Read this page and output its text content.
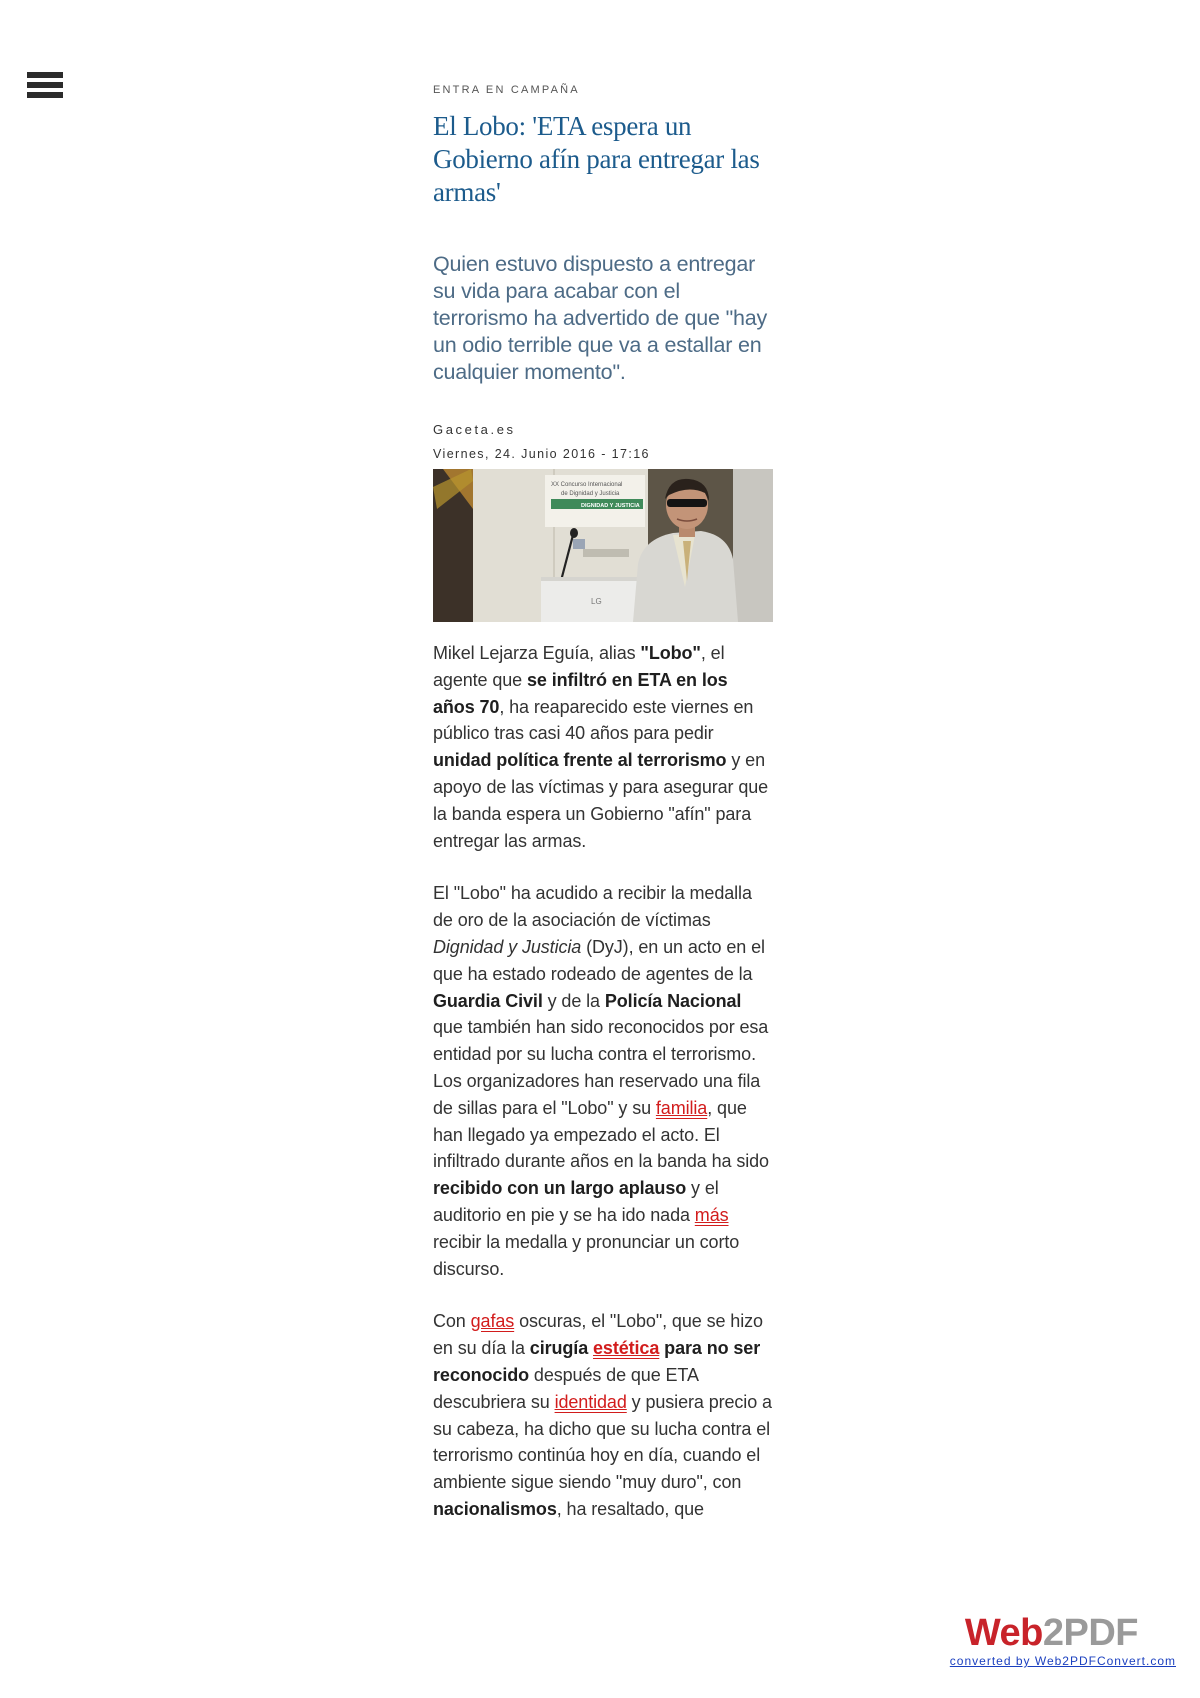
ENTRA EN CAMPAÑA
El Lobo: 'ETA espera un Gobierno afín para entregar las armas'
Quien estuvo dispuesto a entregar su vida para acabar con el terrorismo ha advertido de que "hay un odio terrible que va a estallar en cualquier momento".
Gaceta.es
Viernes, 24. Junio 2016 - 17:16
XX Concurso Internacional
de Dignidad y Justicia
DIGNIDAD Y JUSTICIA
LG

Mikel Lejarza Eguía, alias "Lobo", el agente que se infiltró en ETA en los años 70, ha reaparecido este viernes en público tras casi 40 años para pedir unidad política frente al terrorismo y en apoyo de las víctimas y para asegurar que la banda espera un Gobierno "afín" para entregar las armas.

El "Lobo" ha acudido a recibir la medalla de oro de la asociación de víctimas Dignidad y Justicia (DyJ), en un acto en el que ha estado rodeado de agentes de la Guardia Civil y de la Policía Nacional que también han sido reconocidos por esa entidad por su lucha contra el terrorismo. Los organizadores han reservado una fila de sillas para el "Lobo" y su familia, que han llegado ya empezado el acto. El infiltrado durante años en la banda ha sido recibido con un largo aplauso y el auditorio en pie y se ha ido nada más recibir la medalla y pronunciar un corto discurso.

Con gafas oscuras, el "Lobo", que se hizo en su día la cirugía estética para no ser reconocido después de que ETA descubriera su identidad y pusiera precio a su cabeza, ha dicho que su lucha contra el terrorismo continúa hoy en día, cuando el ambiente sigue siendo "muy duro", con nacionalismos, ha resaltado, que

Web2PDF
converted by Web2PDFConvert.com
